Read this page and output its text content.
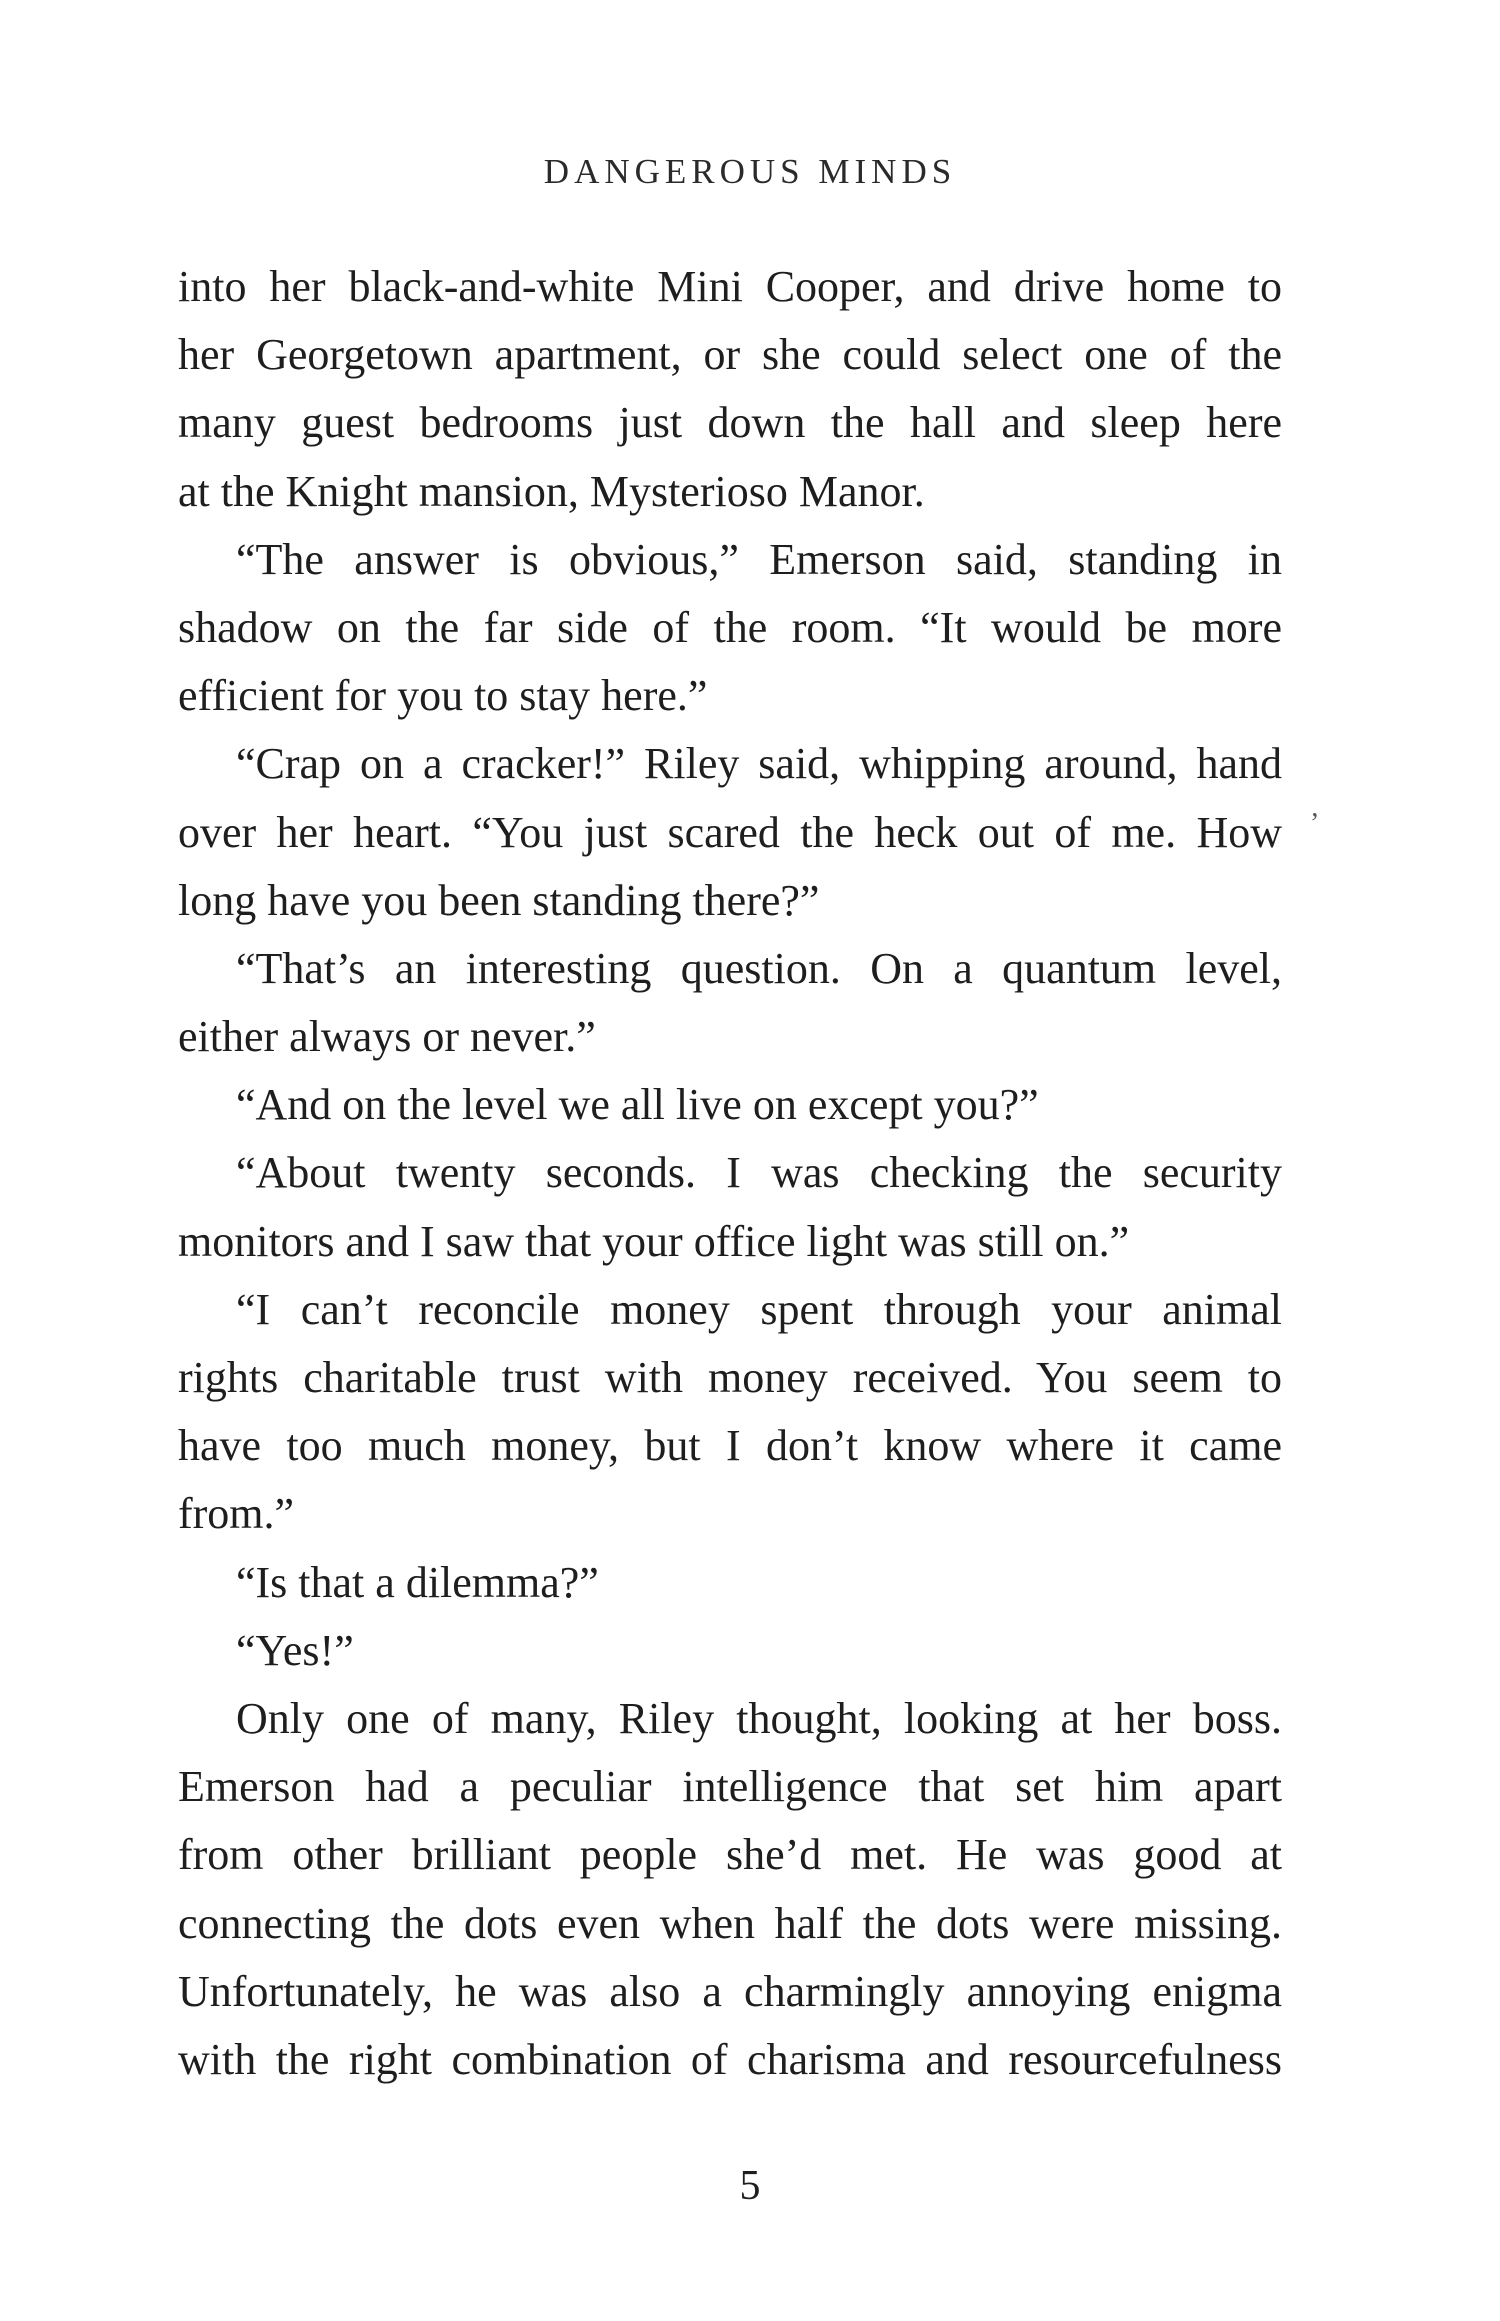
DANGEROUS MINDS
into her black-and-white Mini Cooper, and drive home to
her Georgetown apartment, or she could select one of the
many guest bedrooms just down the hall and sleep here
at the Knight mansion, Mysterioso Manor.
“The answer is obvious,” Emerson said, standing in
shadow on the far side of the room. “It would be more
efficient for you to stay here.”
“Crap on a cracker!” Riley said, whipping around, hand
over her heart. “You just scared the heck out of me. How
long have you been standing there?”
“That’s an interesting question. On a quantum level,
either always or never.”
“And on the level we all live on except you?”
“About twenty seconds. I was checking the security
monitors and I saw that your office light was still on.”
“I can’t reconcile money spent through your animal
rights charitable trust with money received. You seem to
have too much money, but I don’t know where it came
from.”
“Is that a dilemma?”
“Yes!”
Only one of many, Riley thought, looking at her boss.
Emerson had a peculiar intelligence that set him apart
from other brilliant people she’d met. He was good at
connecting the dots even when half the dots were missing.
Unfortunately, he was also a charmingly annoying enigma
with the right combination of charisma and resourcefulness
5
’
